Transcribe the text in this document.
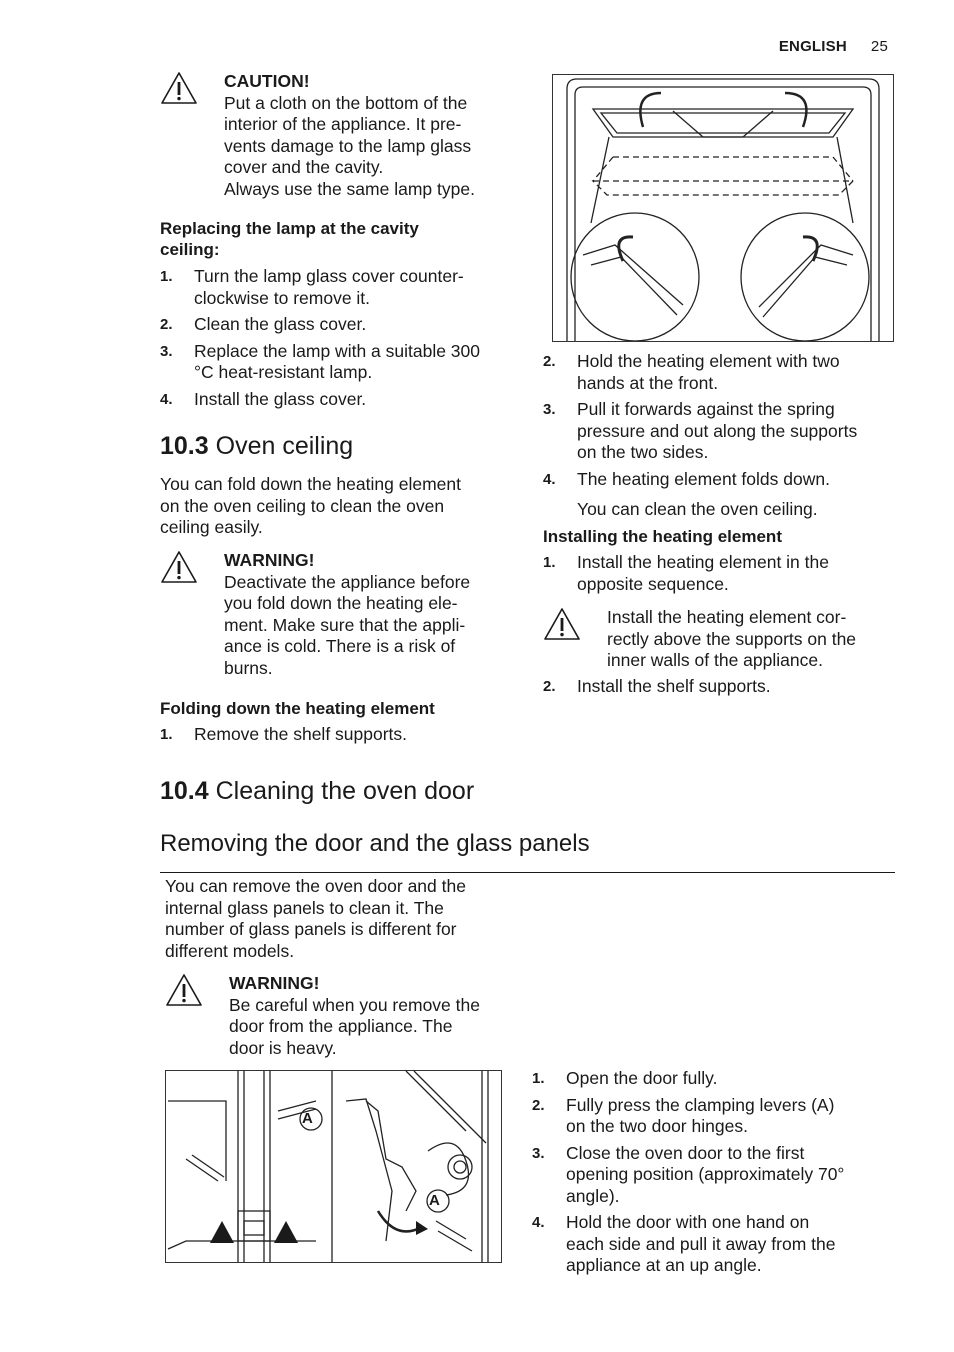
ENGLISH 25
CAUTION!
Put a cloth on the bottom of the
interior of the appliance. It pre-
vents damage to the lamp glass
cover and the cavity.
Always use the same lamp type.
Replacing the lamp at the cavity
ceiling:
1.	Turn the lamp glass cover counter-
clockwise to remove it.
2.	Clean the glass cover.
3.	Replace the lamp with a suitable 300
°C heat-resistant lamp.
4.	Install the glass cover.
10.3 Oven ceiling
You can fold down the heating element
on the oven ceiling to clean the oven
ceiling easily.
WARNING!
Deactivate the appliance before
you fold down the heating ele-
ment. Make sure that the appli-
ance is cold. There is a risk of
burns.
Folding down the heating element
1.	Remove the shelf supports.
2.	Hold the heating element with two
hands at the front.
3.	Pull it forwards against the spring
pressure and out along the supports
on the two sides.
4.	The heating element folds down.
You can clean the oven ceiling.
Installing the heating element
1.	Install the heating element in the
opposite sequence.
Install the heating element cor-
rectly above the supports on the
inner walls of the appliance.
2.	Install the shelf supports.
10.4 Cleaning the oven door
Removing the door and the glass panels
You can remove the oven door and the
internal glass panels to clean it. The
number of glass panels is different for
different models.
WARNING!
Be careful when you remove the
door from the appliance. The
door is heavy.
A
A
1.	Open the door fully.
2.	Fully press the clamping levers (A)
on the two door hinges.
3.	Close the oven door to the first
opening position (approximately 70°
angle).
4.	Hold the door with one hand on
each side and pull it away from the
appliance at an up angle.
